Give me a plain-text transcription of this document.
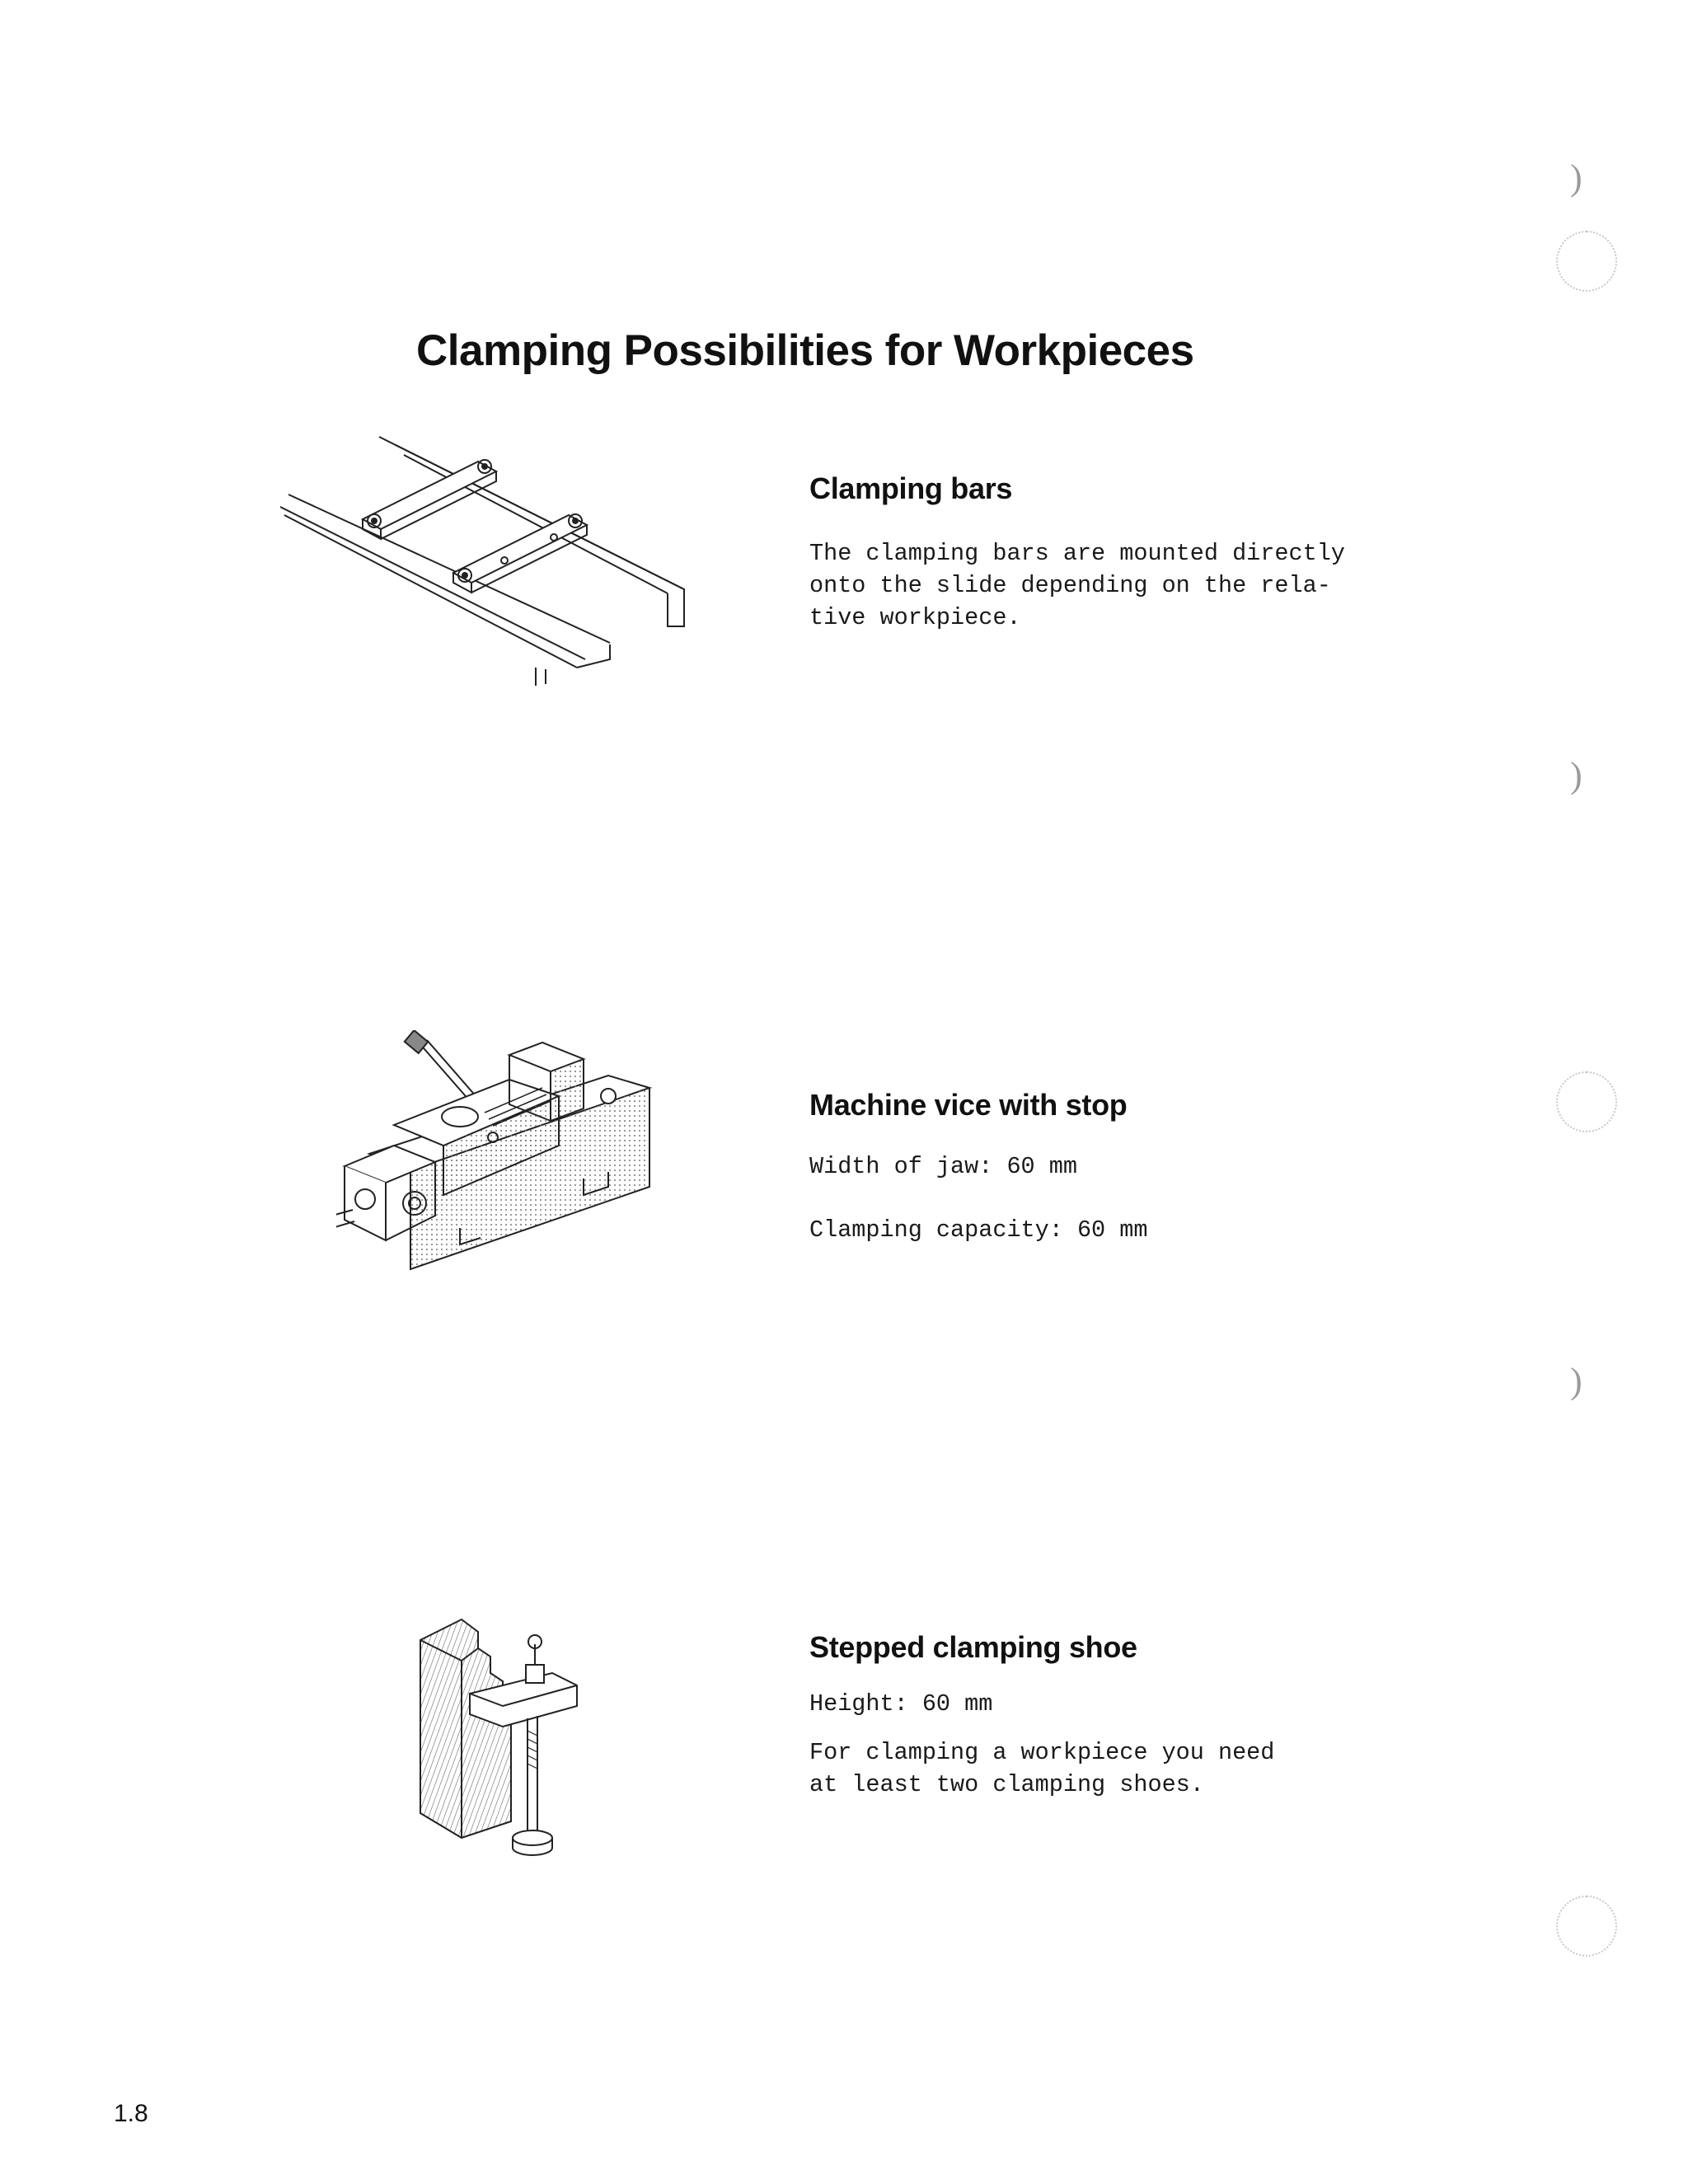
Clamping Possibilities for Workpieces
Clamping bars

The clamping bars are mounted directly

onto the slide depending on the rela-

tive workpiece.

Machine vice with stop

Width of jaw: 60 mm

Clamping capacity: 60 mm

Stepped clamping shoe

Height: 60 mm

For clamping a workpiece you need

at least two clamping shoes.

1.8
)
)
)
